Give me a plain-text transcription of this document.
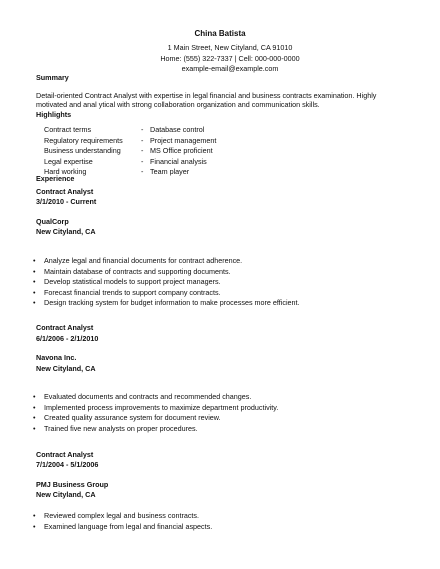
China Batista
1 Main Street, New Cityland, CA 91010
Home: (555) 322-7337 | Cell: 000-000-0000
example-email@example.com
Summary
Detail-oriented Contract Analyst with expertise in legal financial and business contracts examination. Highly
motivated and anal ytical with strong collaboration organization and communication skills.
Highlights
Contract terms
Regulatory requirements
Business understanding
Legal expertise
Hard working
- Database control
- Project management
- MS Office proficient
- Financial analysis
- Team player
Experience
Contract Analyst
3/1/2010 - Current
QualCorp
New Cityland, CA
• Analyze legal and financial documents for contract adherence.
• Maintain database of contracts and supporting documents.
• Develop statistical models to support project managers.
• Forecast financial trends to support company contracts.
• Design tracking system for budget information to make processes more efficient.
Contract Analyst
6/1/2006 - 2/1/2010
Navona Inc.
New Cityland, CA
• Evaluated documents and contracts and recommended changes.
• Implemented process improvements to maximize department productivity.
• Created quality assurance system for document review.
• Trained five new analysts on proper procedures.
Contract Analyst
7/1/2004 - 5/1/2006
PMJ Business Group
New Cityland, CA
• Reviewed complex legal and business contracts.
• Examined language from legal and financial aspects.
